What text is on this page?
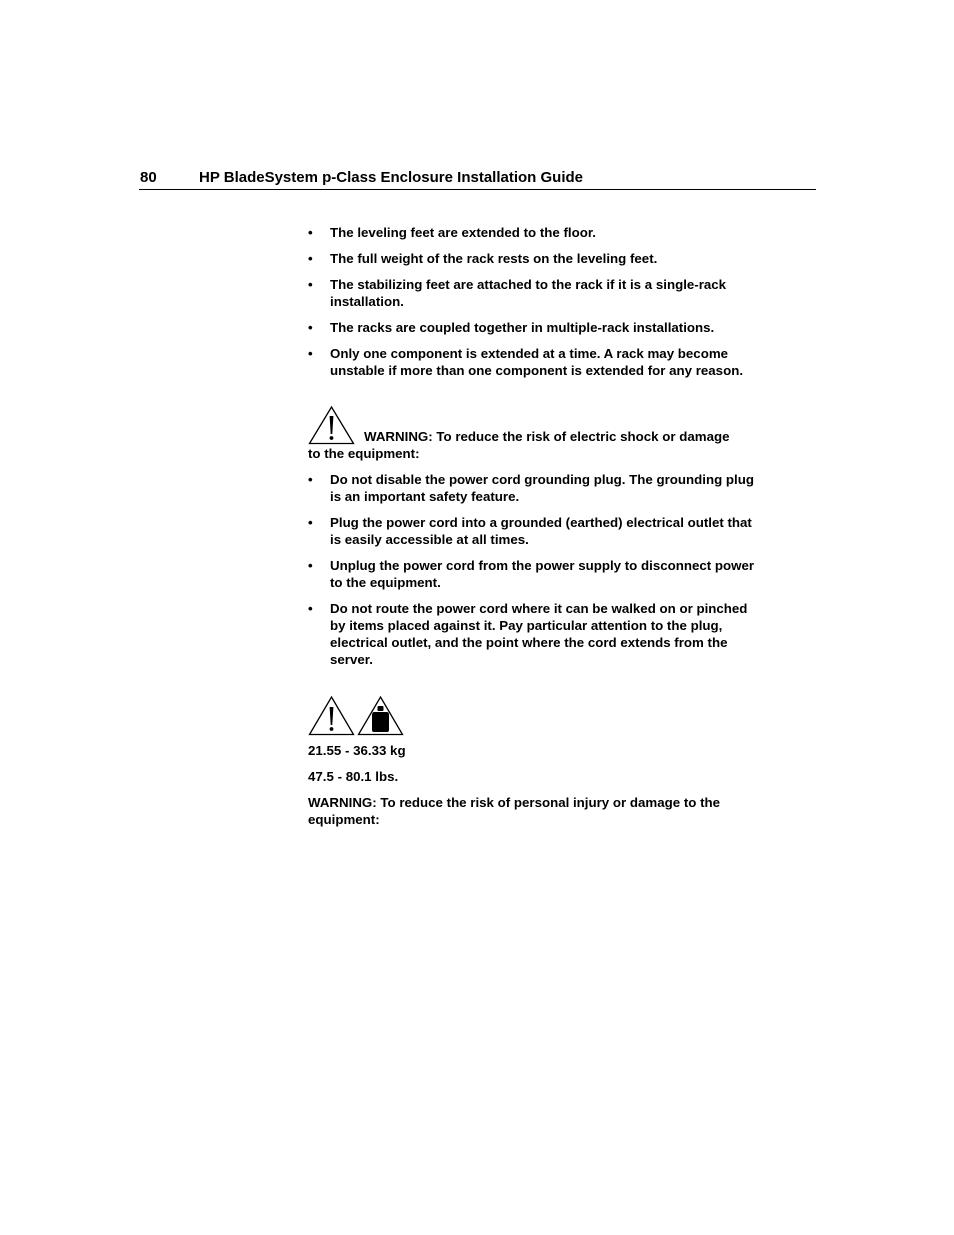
80	HP BladeSystem p-Class Enclosure Installation Guide
• The leveling feet are extended to the floor.
• The full weight of the rack rests on the leveling feet.
• The stabilizing feet are attached to the rack if it is a single-rack installation.
• The racks are coupled together in multiple-rack installations.
• Only one component is extended at a time. A rack may become unstable if more than one component is extended for any reason.
WARNING: To reduce the risk of electric shock or damage

to the equipment:

• Do not disable the power cord grounding plug. The grounding plug is an important safety feature.
• Plug the power cord into a grounded (earthed) electrical outlet that is easily accessible at all times.
• Unplug the power cord from the power supply to disconnect power to the equipment.
• Do not route the power cord where it can be walked on or pinched by items placed against it. Pay particular attention to the plug, electrical outlet, and the point where the cord extends from the server.

21.55 - 36.33 kg

47.5 - 80.1 lbs.

WARNING: To reduce the risk of personal injury or damage to the equipment:
